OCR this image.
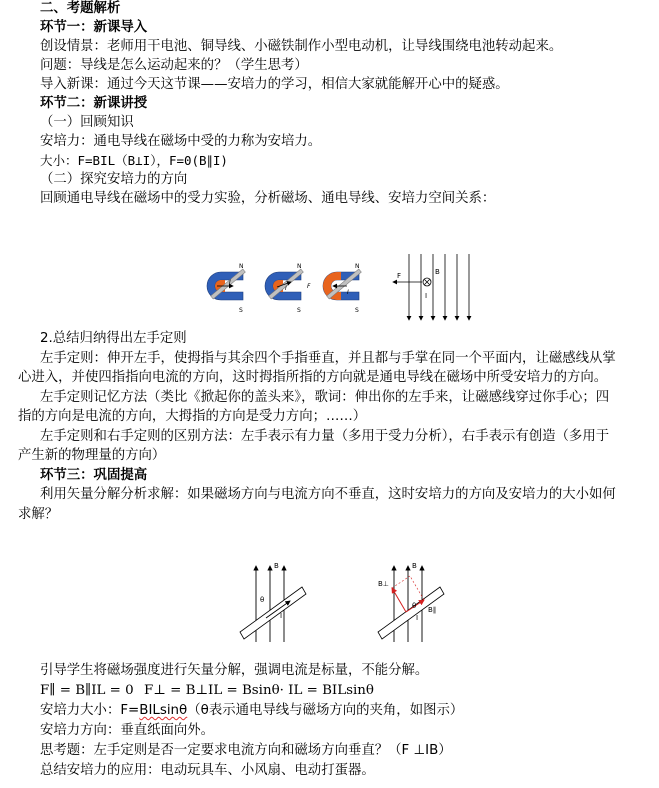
二、考题解析
环节一：新课导入
创设情景：老师用干电池、铜导线、小磁铁制作小型电动机，让导线围绕电池转动起来。
问题：导线是怎么运动起来的？（学生思考）
导入新课：通过今天这节课——安培力的学习，相信大家就能解开心中的疑惑。
环节二：新课讲授
（一）回顾知识
安培力：通电导线在磁场中受的力称为安培力。
大小：F=BIL（B⊥I），F=0(B∥I)
（二）探究安培力的方向
回顾通电导线在磁场中的受力实验，分析磁场、通电导线、安培力空间关系：
N
S
I
N
S
I	F
N
S
I
F	B
I
2.总结归纳得出左手定则
左手定则：伸开左手，使拇指与其余四个手指垂直，并且都与手掌在同一个平面内，让磁感线从掌
心进入，并使四指指向电流的方向，这时拇指所指的方向就是通电导线在磁场中所受安培力的方向。
左手定则记忆方法（类比《掀起你的盖头来》，歌词：伸出你的左手来，让磁感线穿过你手心；四
指的方向是电流的方向，大拇指的方向是受力方向；……）
左手定则和右手定则的区别方法：左手表示有力量（多用于受力分析），右手表示有创造（多用于
产生新的物理量的方向）
环节三：巩固提高
利用矢量分解分析求解：如果磁场方向与电流方向不垂直，这时安培力的方向及安培力的大小如何
求解？
B
θ
I
B
B⊥
B∥
θ
I
引导学生将磁场强度进行矢量分解，强调电流是标量，不能分解。
F∥ = B∥IL = 0 F⊥ = B⊥IL = Bsinθ· IL = BILsinθ
安培力大小：F=BILsinθ（θ表示通电导线与磁场方向的夹角，如图示）
安培力方向：垂直纸面向外。
思考题：左手定则是否一定要求电流方向和磁场方向垂直？（F ⊥IB）
总结安培力的应用：电动玩具车、小风扇、电动打蛋器。
